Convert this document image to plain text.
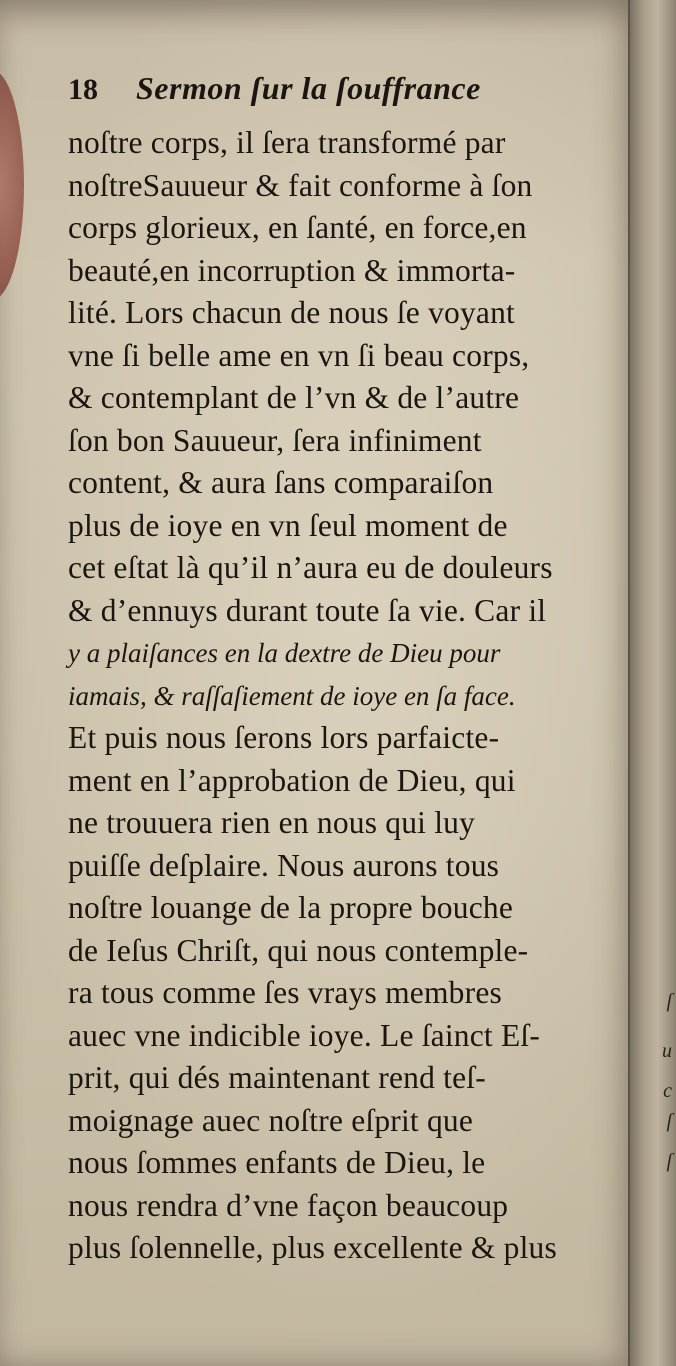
18 Sermon ſur la ſouffrance
noſtre corps, il ſera transformé par
noſtreSauueur & fait conforme à ſon
corps glorieux, en ſanté, en force,en
beauté,en incorruption & immorta-
lité. Lors chacun de nous ſe voyant
vne ſi belle ame en vn ſi beau corps,
& contemplant de l’vn & de l’autre
ſon bon Sauueur, ſera infiniment
content, & aura ſans comparaiſon
plus de ioye en vn ſeul moment de
cet eſtat là qu’il n’aura eu de douleurs
& d’ennuys durant toute ſa vie. Car il
y a plaiſances en la dextre de Dieu pour
iamais, & raſſaſiement de ioye en ſa face.
Et puis nous ſerons lors parfaicte-
ment en l’approbation de Dieu, qui
ne trouuera rien en nous qui luy
puiſſe deſplaire. Nous aurons tous
noſtre louange de la propre bouche
de Ieſus Chriſt, qui nous contemple-
ra tous comme ſes vrays membres
auec vne indicible ioye. Le ſainct Eſ-
prit, qui dés maintenant rend teſ-
moignage auec noſtre eſprit que
nous ſommes enfants de Dieu, le
nous rendra d’vne façon beaucoup
plus ſolennelle, plus excellente & plus
ſ
u
c
ſ
ſ
